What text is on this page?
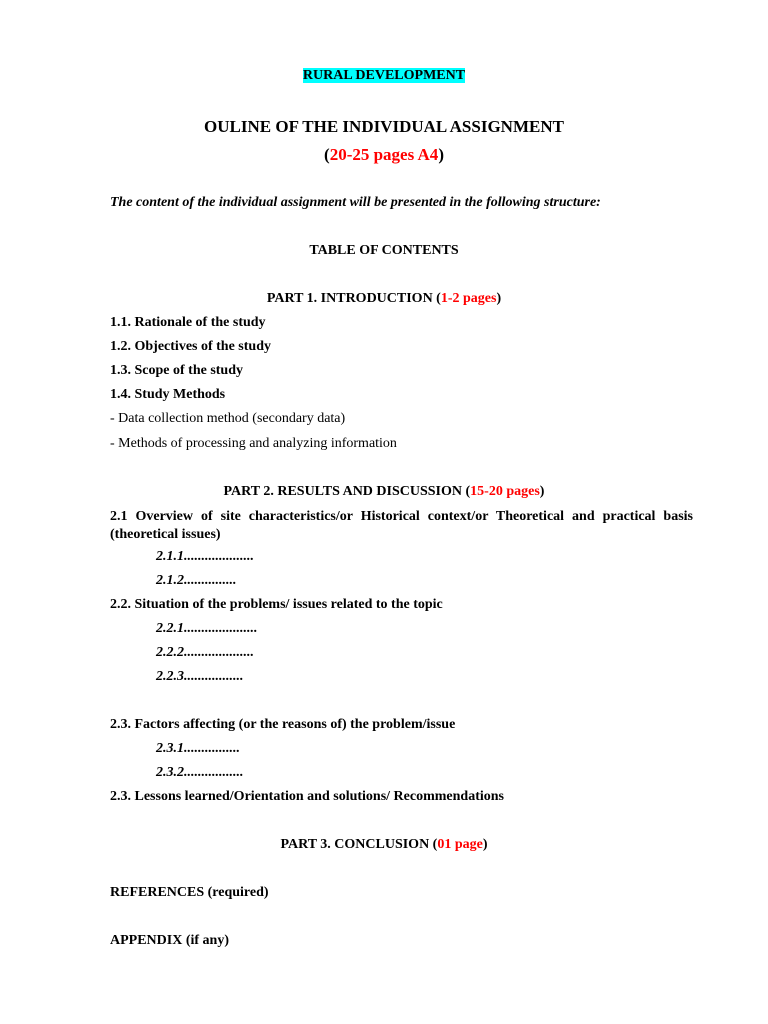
RURAL DEVELOPMENT
OULINE OF THE INDIVIDUAL ASSIGNMENT
(20-25 pages A4)
The content of the individual assignment will be presented in the following structure:
TABLE OF CONTENTS
PART 1. INTRODUCTION (1-2 pages)
1.1. Rationale of the study
1.2. Objectives of the study
1.3. Scope of the study
1.4. Study Methods
- Data collection method (secondary data)
- Methods of processing and analyzing information
PART 2. RESULTS AND DISCUSSION (15-20 pages)
2.1 Overview of site characteristics/or Historical context/or Theoretical and practical basis (theoretical issues)
2.1.1....................
2.1.2...............
2.2. Situation of the problems/ issues related to the topic
2.2.1.....................
2.2.2....................
2.2.3.................
2.3. Factors affecting (or the reasons of) the problem/issue
2.3.1................
2.3.2.................
2.3. Lessons learned/Orientation and solutions/ Recommendations
PART 3. CONCLUSION (01 page)
REFERENCES (required)
APPENDIX (if any)
